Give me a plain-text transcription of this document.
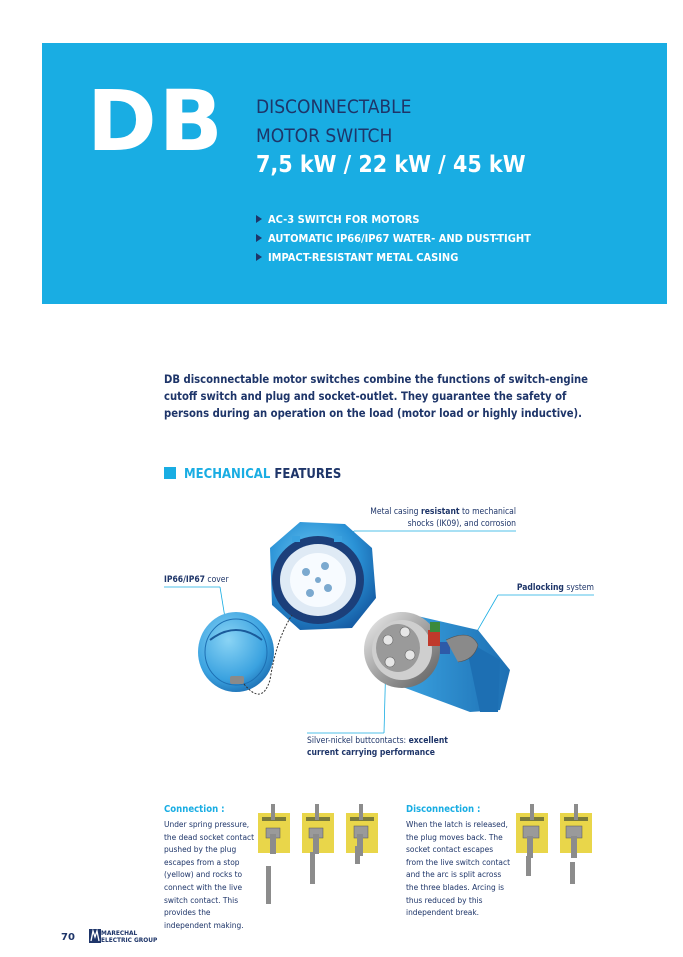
DB DISCONNECTABLE
MOTOR SWITCH
7,5 kW / 22 kW / 45 kW
AC-3 SWITCH FOR MOTORS
AUTOMATIC IP66/IP67 WATER- AND DUST-TIGHT
IMPACT-RESISTANT METAL CASING

DB disconnectable motor switches combine the functions of switch-engine cutoff switch and plug and socket-outlet. They guarantee the safety of persons during an operation on the load (motor load or highly inductive).

MECHANICAL FEATURES
Metal casing resistant to mechanical shocks (IK09), and corrosion
IP66/IP67 cover
Padlocking system
Silver-nickel buttcontacts: excellent current carrying performance
Connection :
Under spring pressure, the dead socket contact pushed by the plug escapes from a stop (yellow) and rocks to connect with the live switch contact. This provides the independent making.
Disconnection :
When the latch is released, the plug moves back. The socket contact escapes from the live switch contact and the arc is split across the three blades. Arcing is thus reduced by this independent break.
70	MARECHAL
ELECTRIC GROUP
